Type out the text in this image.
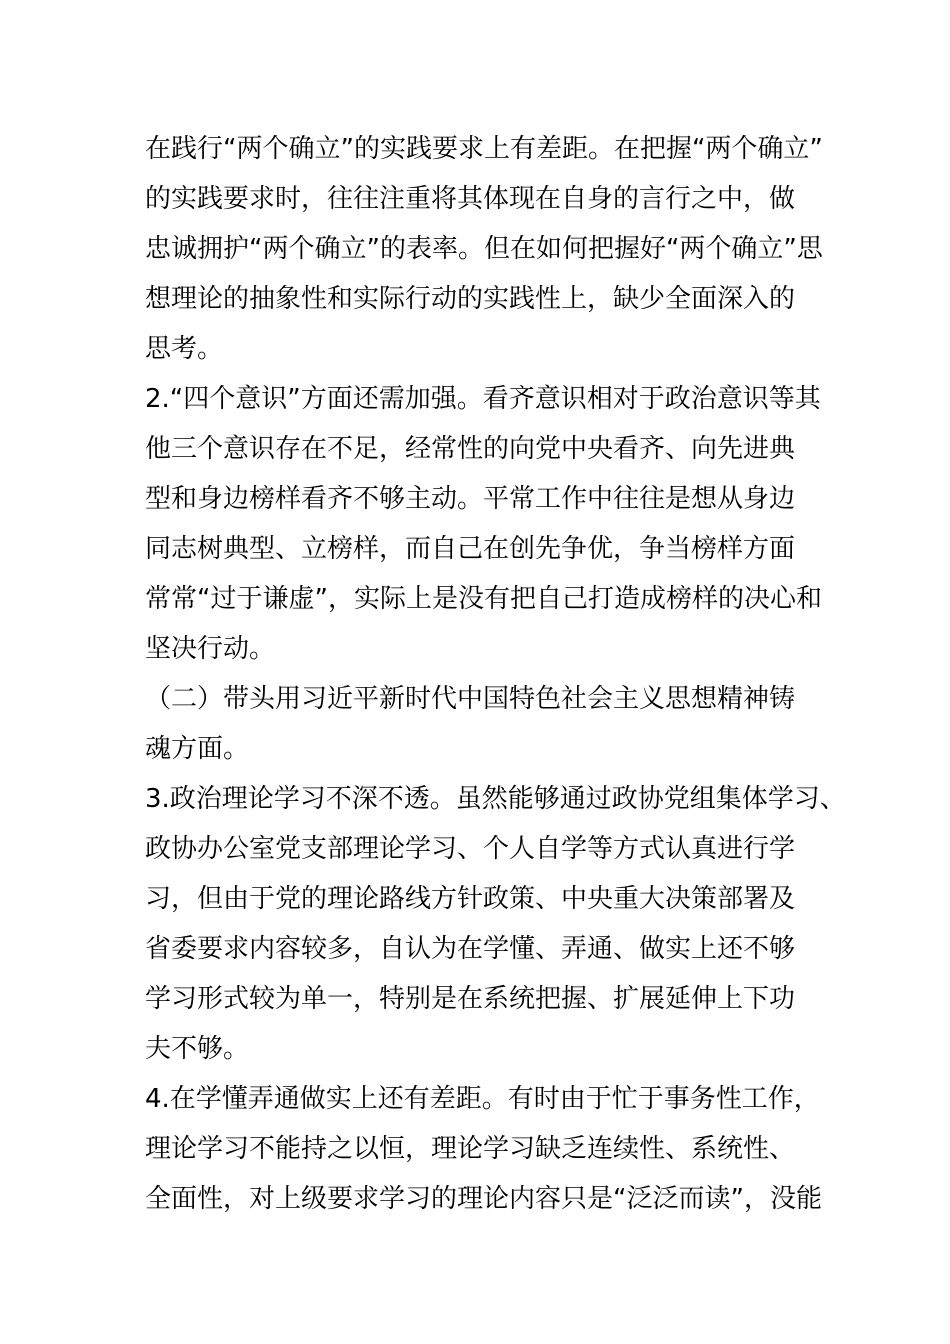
在践行“两个确立”的实践要求上有差距。在把握“两个确立”
的实践要求时，往往注重将其体现在自身的言行之中，做
忠诚拥护“两个确立”的表率。但在如何把握好“两个确立”思
想理论的抽象性和实际行动的实践性上，缺少全面深入的
思考。
2.“四个意识”方面还需加强。看齐意识相对于政治意识等其
他三个意识存在不足，经常性的向党中央看齐、向先进典
型和身边榜样看齐不够主动。平常工作中往往是想从身边
同志树典型、立榜样，而自己在创先争优，争当榜样方面
常常“过于谦虚”，实际上是没有把自己打造成榜样的决心和
坚决行动。
（二）带头用习近平新时代中国特色社会主义思想精神铸
魂方面。
3.政治理论学习不深不透。虽然能够通过政协党组集体学习、
政协办公室党支部理论学习、个人自学等方式认真进行学
习，但由于党的理论路线方针政策、中央重大决策部署及
省委要求内容较多，自认为在学懂、弄通、做实上还不够
学习形式较为单一，特别是在系统把握、扩展延伸上下功
夫不够。
4.在学懂弄通做实上还有差距。有时由于忙于事务性工作，
理论学习不能持之以恒，理论学习缺乏连续性、系统性、
全面性，对上级要求学习的理论内容只是“泛泛而读”，没能
